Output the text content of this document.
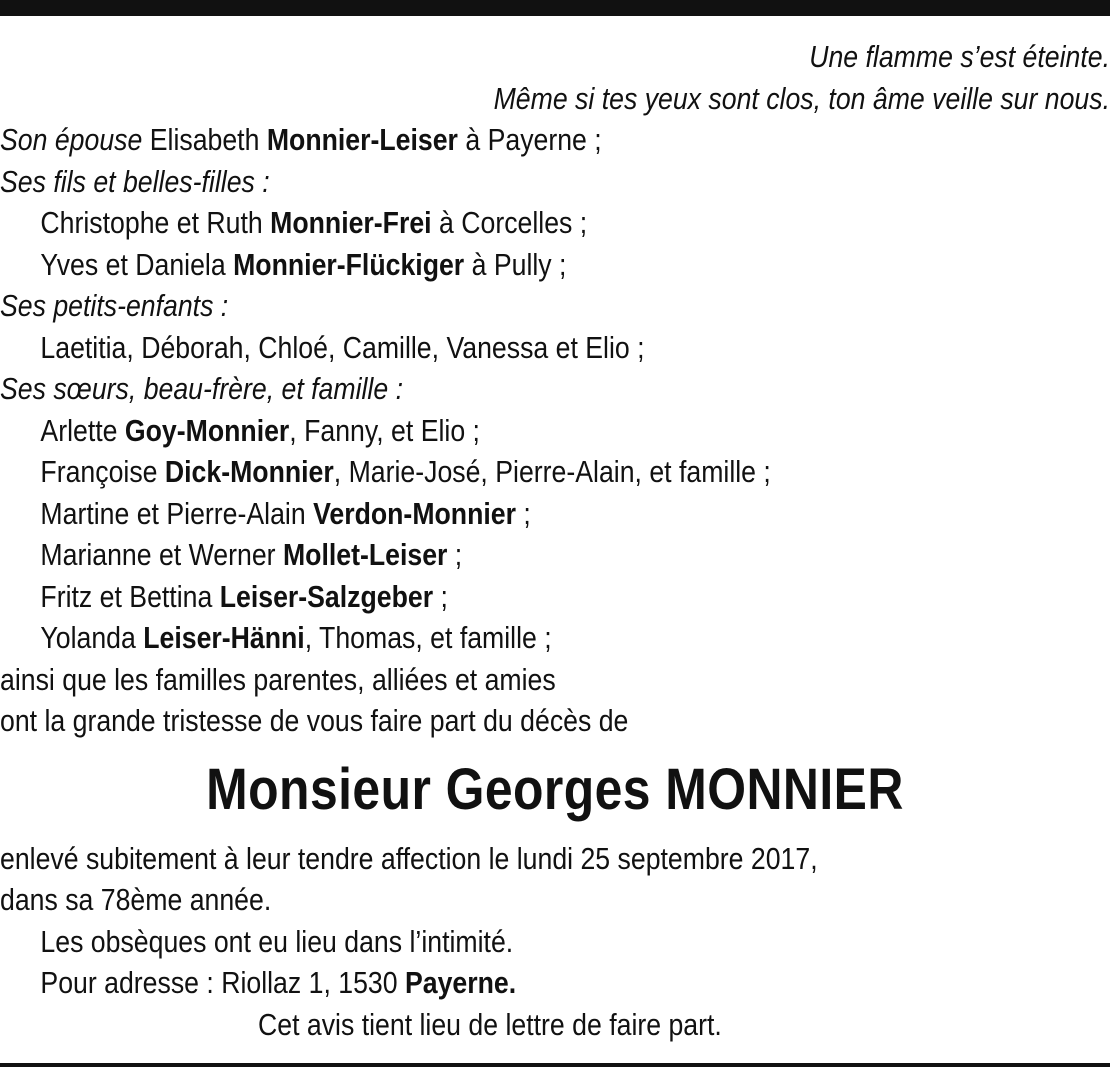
Une flamme s’est éteinte.
Même si tes yeux sont clos, ton âme veille sur nous.
Son épouse Elisabeth Monnier-Leiser à Payerne ;
Ses fils et belles-filles :
Christophe et Ruth Monnier-Frei à Corcelles ;
Yves et Daniela Monnier-Flückiger à Pully ;
Ses petits-enfants :
Laetitia, Déborah, Chloé, Camille, Vanessa et Elio ;
Ses sœurs, beau-frère, et famille :
Arlette Goy-Monnier, Fanny, et Elio ;
Françoise Dick-Monnier, Marie-José, Pierre-Alain, et famille ;
Martine et Pierre-Alain Verdon-Monnier ;
Marianne et Werner Mollet-Leiser ;
Fritz et Bettina Leiser-Salzgeber ;
Yolanda Leiser-Hänni, Thomas, et famille ;
ainsi que les familles parentes, alliées et amies
ont la grande tristesse de vous faire part du décès de
Monsieur Georges MONNIER
enlevé subitement à leur tendre affection le lundi 25 septembre 2017,
dans sa 78ème année.
Les obsèques ont eu lieu dans l’intimité.
Pour adresse : Riollaz 1, 1530 Payerne.
Cet avis tient lieu de lettre de faire part.
